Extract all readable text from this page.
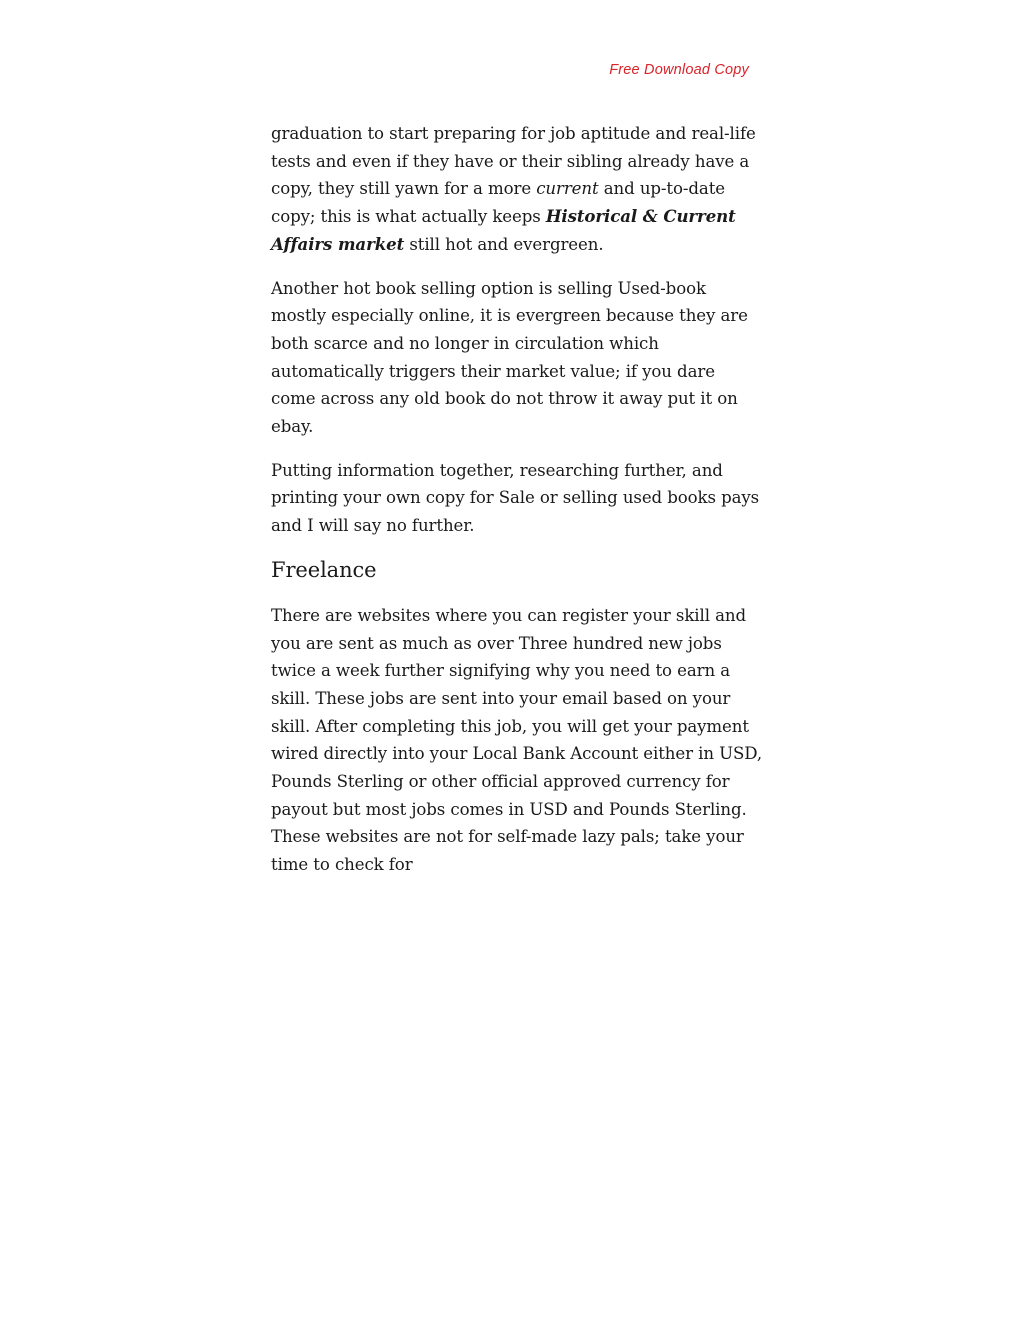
Free Download Copy

graduation to start preparing for job aptitude and real-life tests and even if they have or their sibling already have a copy, they still yawn for a more current and up-to-date copy; this is what actually keeps Historical & Current Affairs market still hot and evergreen.

Another hot book selling option is selling Used-book mostly especially online, it is evergreen because they are both scarce and no longer in circulation which automatically triggers their market value; if you dare come across any old book do not throw it away put it on ebay.

Putting information together, researching further, and printing your own copy for Sale or selling used books pays and I will say no further.

Freelance

There are websites where you can register your skill and you are sent as much as over Three hundred new jobs twice a week further signifying why you need to earn a skill. These jobs are sent into your email based on your skill. After completing this job, you will get your payment wired directly into your Local Bank Account either in USD, Pounds Sterling or other official approved currency for payout but most jobs comes in USD and Pounds Sterling. These websites are not for self-made lazy pals; take your time to check for
